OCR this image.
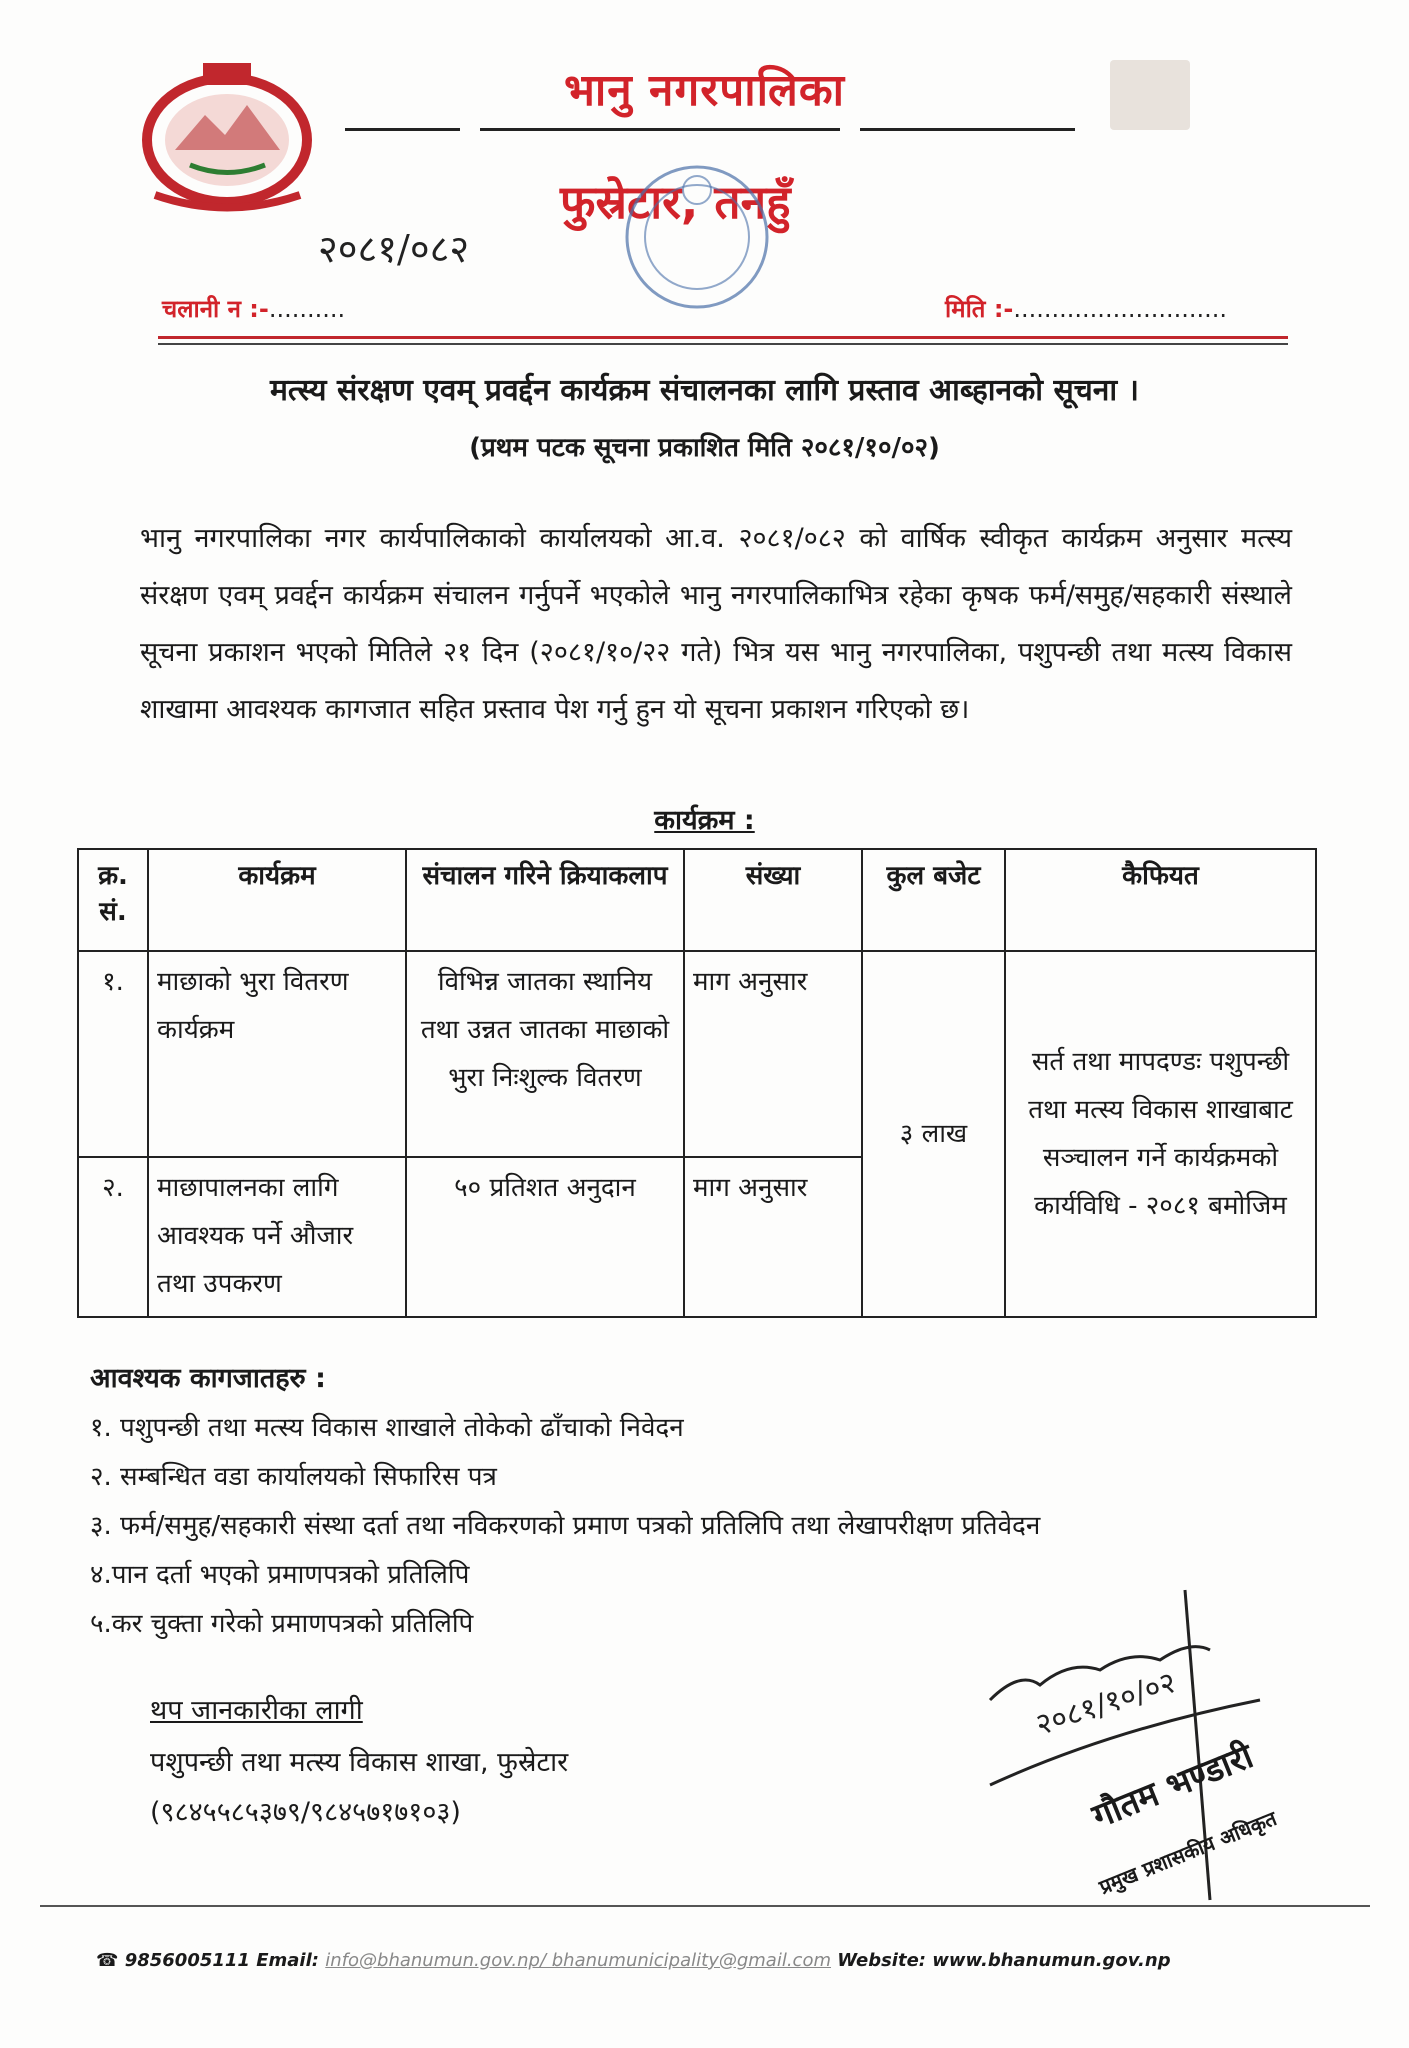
भानु नगरपालिका
फुस्रेटार, तनहुँ
२०८१/०८२
चलानी न :-..........	मिति :-............................
मत्स्य संरक्षण एवम् प्रवर्द्दन कार्यक्रम संचालनका लागि प्रस्ताव आब्हानको सूचना ।
(प्रथम पटक सूचना प्रकाशित मिति २०८१/१०/०२)
भानु नगरपालिका नगर कार्यपालिकाको कार्यालयको आ.व. २०८१/०८२ को वार्षिक स्वीकृत कार्यक्रम अनुसार मत्स्य संरक्षण एवम् प्रवर्द्दन कार्यक्रम संचालन गर्नुपर्ने भएकोले भानु नगरपालिकाभित्र रहेका कृषक फर्म/समुह/सहकारी संस्थाले सूचना प्रकाशन भएको मितिले २१ दिन (२०८१/१०/२२ गते) भित्र यस भानु नगरपालिका, पशुपन्छी तथा मत्स्य विकास शाखामा आवश्यक कागजात सहित प्रस्ताव पेश गर्नु हुन यो सूचना प्रकाशन गरिएको छ।
कार्यक्रम :
क्र. सं.	कार्यक्रम	संचालन गरिने क्रियाकलाप	संख्या	कुल बजेट	कैफियत
१.	माछाको भुरा वितरण कार्यक्रम	विभिन्न जातका स्थानिय तथा उन्नत जातका माछाको भुरा निःशुल्क वितरण	माग अनुसार	३ लाख	सर्त तथा मापदण्डः पशुपन्छी तथा मत्स्य विकास शाखाबाट सञ्चालन गर्ने कार्यक्रमको कार्यविधि - २०८१ बमोजिम
२.	माछापालनका लागि आवश्यक पर्ने औजार तथा उपकरण	५० प्रतिशत अनुदान	माग अनुसार		
आवश्यक कागजातहरु :
१. पशुपन्छी तथा मत्स्य विकास शाखाले तोकेको ढाँचाको निवेदन
२. सम्बन्धित वडा कार्यालयको सिफारिस पत्र
३. फर्म/समुह/सहकारी संस्था दर्ता तथा नविकरणको प्रमाण पत्रको प्रतिलिपि तथा लेखापरीक्षण प्रतिवेदन
४.पान दर्ता भएको प्रमाणपत्रको प्रतिलिपि
५.कर चुक्ता गरेको प्रमाणपत्रको प्रतिलिपि
थप जानकारीका लागी
पशुपन्छी तथा मत्स्य विकास शाखा, फुस्रेटार
(९८४५५८५३७९/९८४५७१७१०३)
२०८१/१०/०२
गौतम भण्डारी
प्रमुख प्रशासकीय अधिकृत
☎ 9856005111 Email: info@bhanumun.gov.np/ bhanumunicipality@gmail.com Website: www.bhanumun.gov.np
